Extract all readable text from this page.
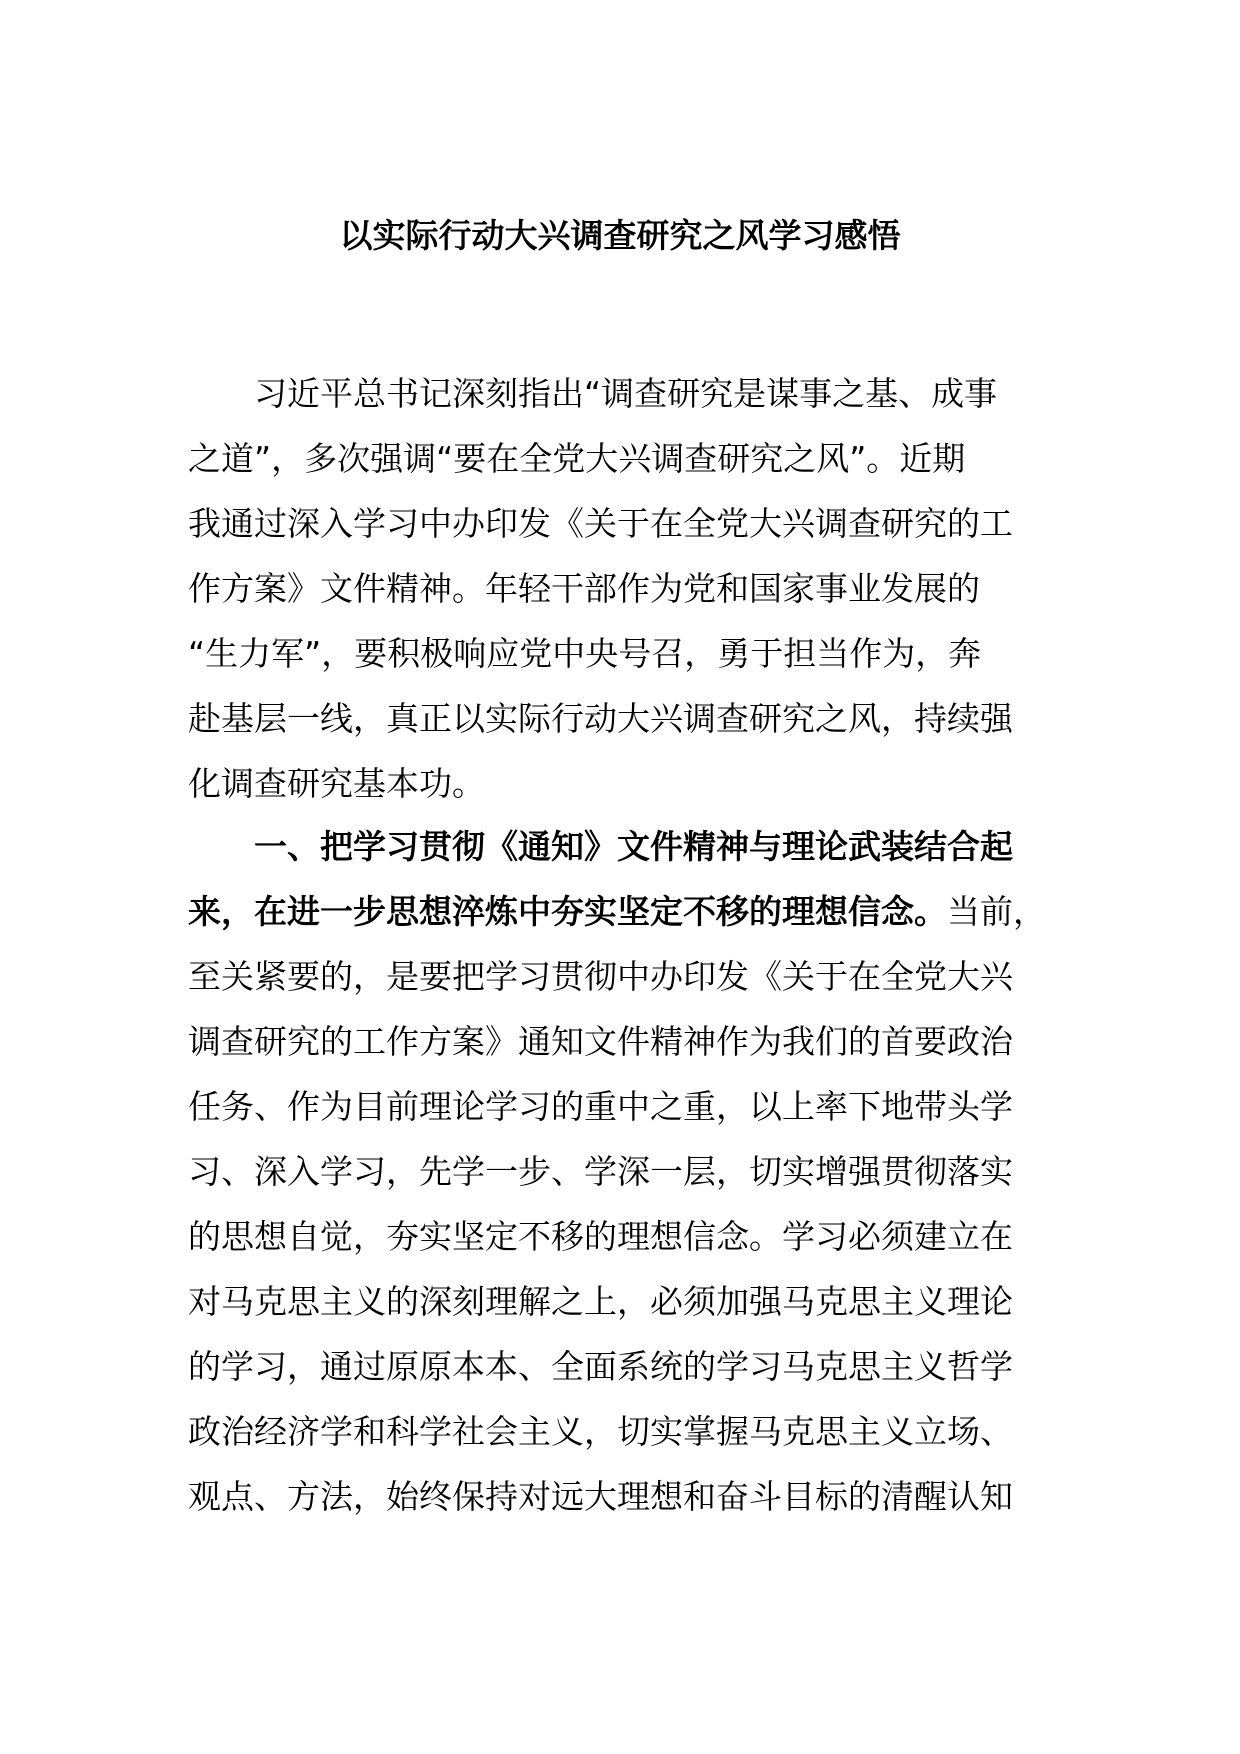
以实际行动大兴调查研究之风学习感悟
习近平总书记深刻指出“调查研究是谋事之基、成事
之道”，多次强调“要在全党大兴调查研究之风”。近期
我通过深入学习中办印发《关于在全党大兴调查研究的工
作方案》文件精神。年轻干部作为党和国家事业发展的
“生力军”，要积极响应党中央号召，勇于担当作为，奔
赴基层一线，真正以实际行动大兴调查研究之风，持续强
化调查研究基本功。
一、把学习贯彻《通知》文件精神与理论武装结合起
来，在进一步思想淬炼中夯实坚定不移的理想信念。当前，
至关紧要的，是要把学习贯彻中办印发《关于在全党大兴
调查研究的工作方案》通知文件精神作为我们的首要政治
任务、作为目前理论学习的重中之重，以上率下地带头学
习、深入学习，先学一步、学深一层，切实增强贯彻落实
的思想自觉，夯实坚定不移的理想信念。学习必须建立在
对马克思主义的深刻理解之上，必须加强马克思主义理论
的学习，通过原原本本、全面系统的学习马克思主义哲学
政治经济学和科学社会主义，切实掌握马克思主义立场、
观点、方法，始终保持对远大理想和奋斗目标的清醒认知
